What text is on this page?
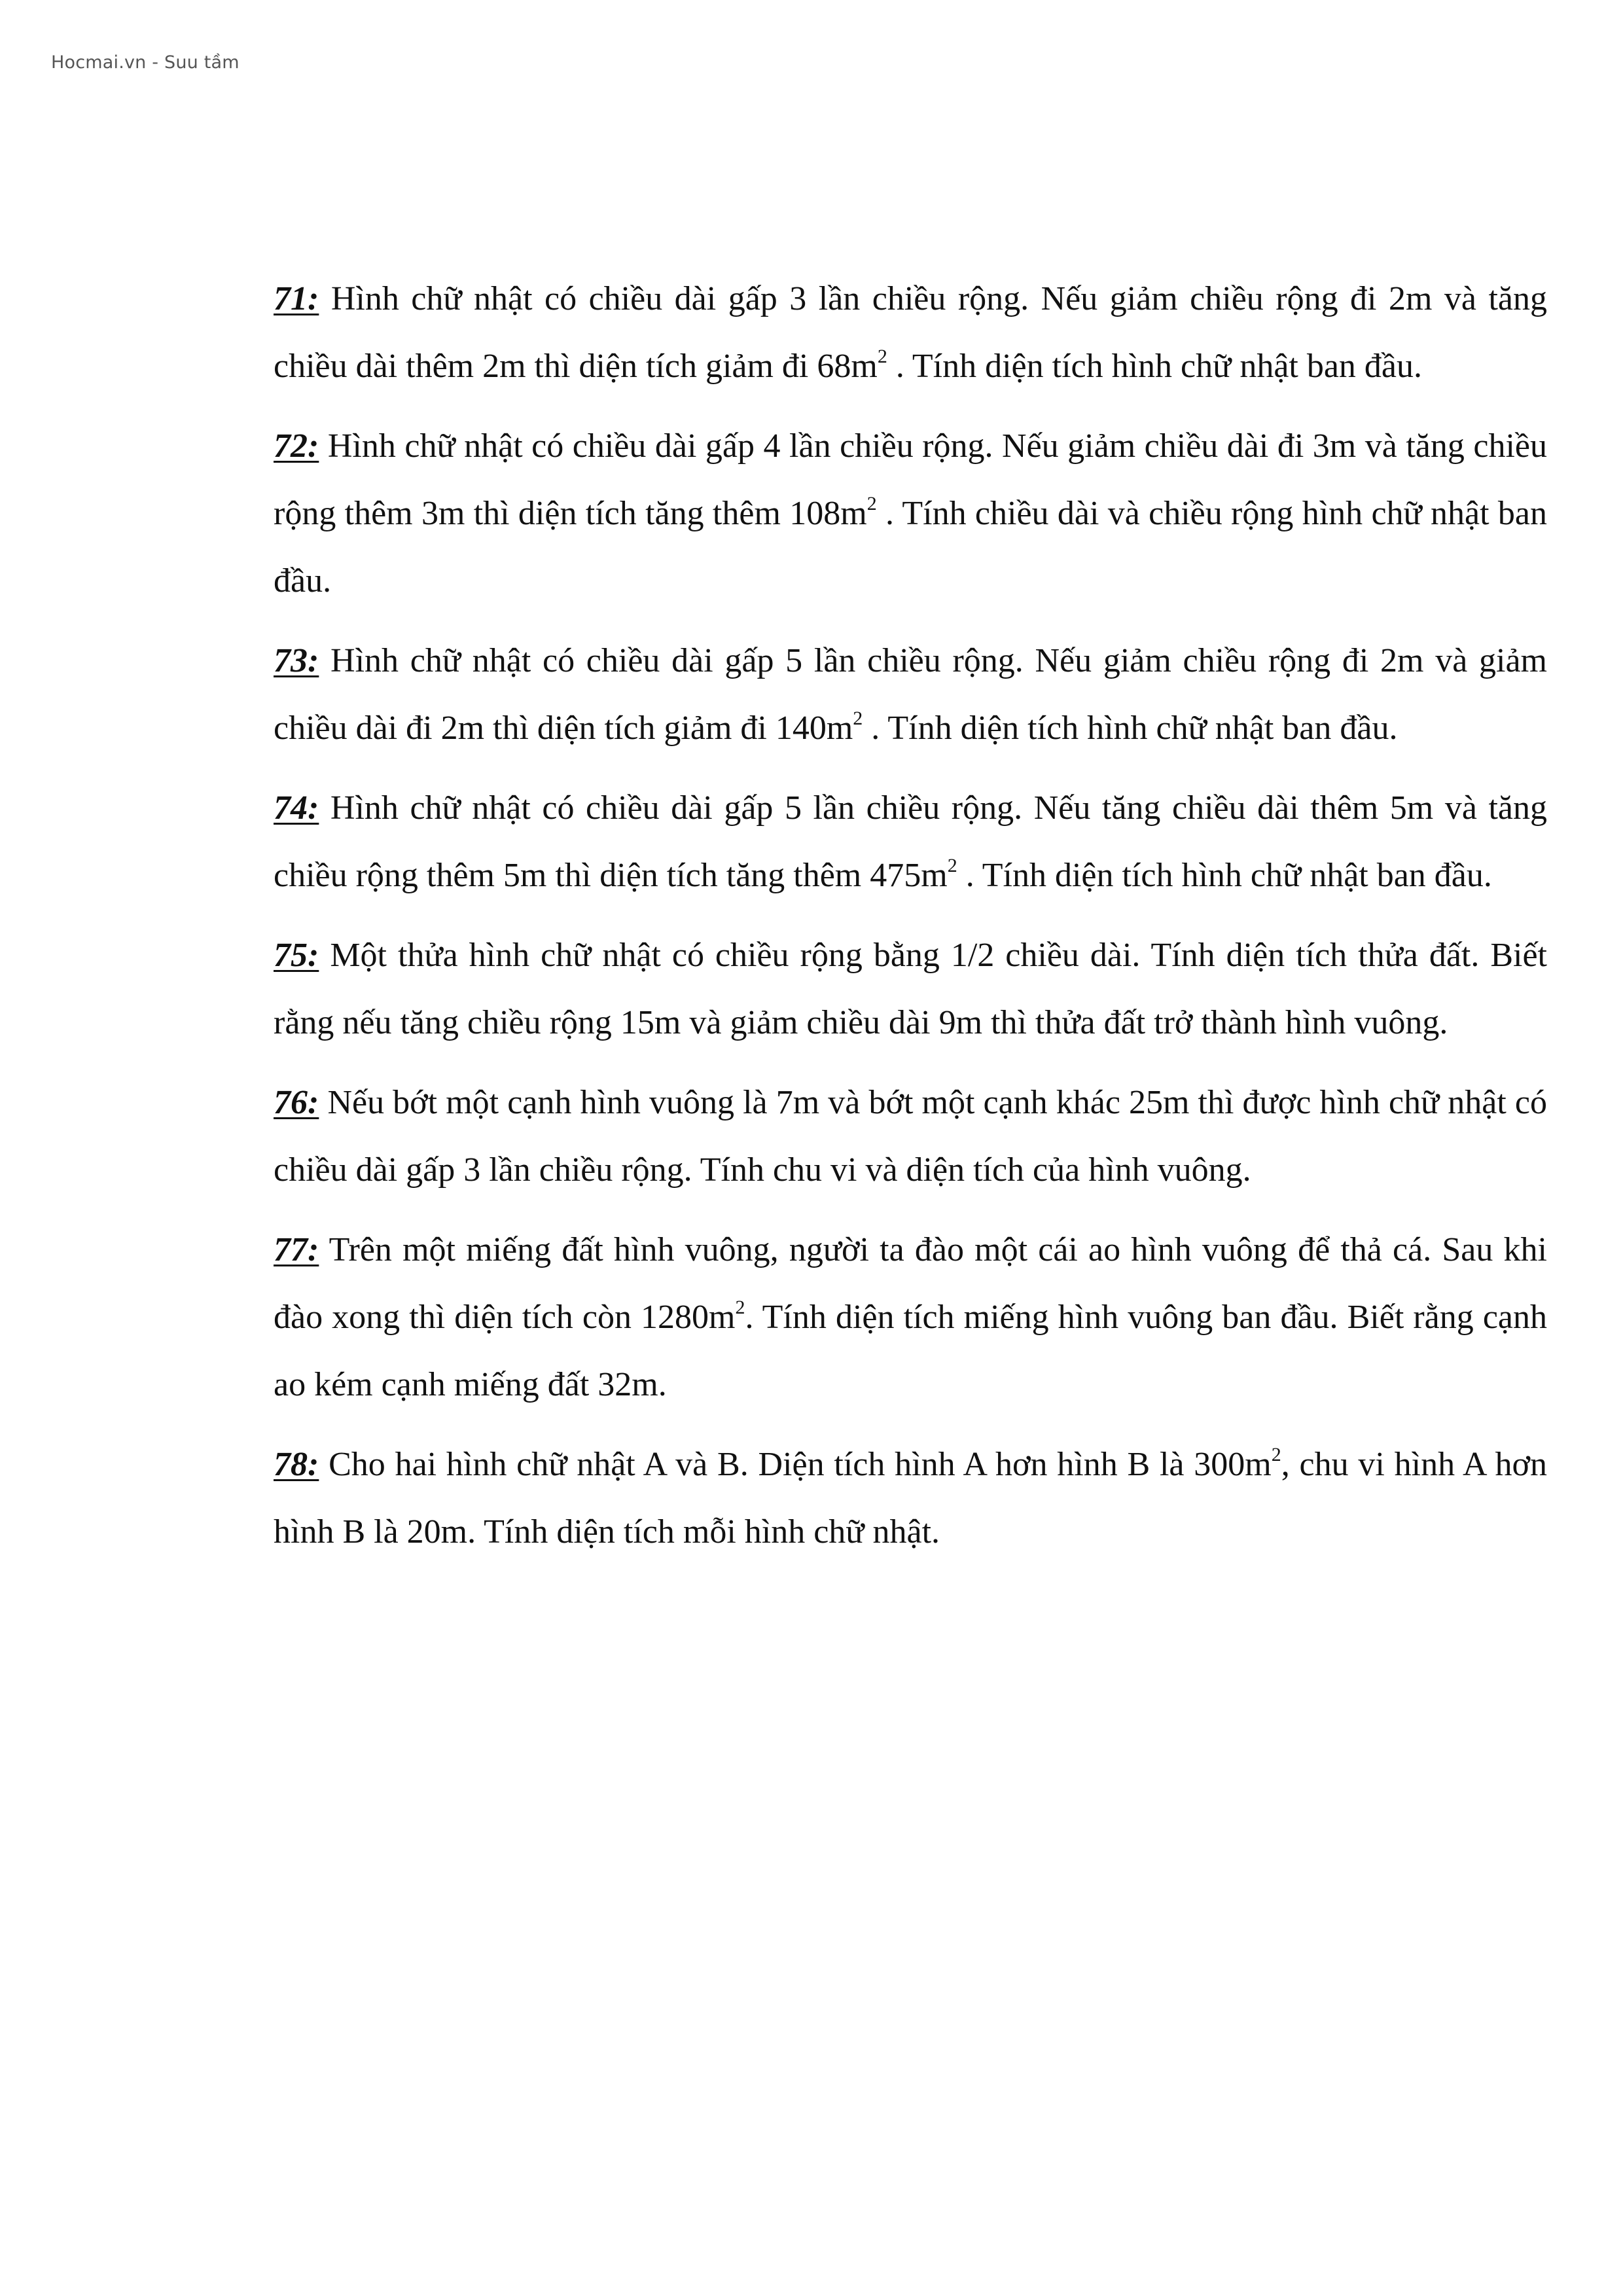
Hocmai.vn - Suu tầm

71: Hình chữ nhật có chiều dài gấp 3 lần chiều rộng. Nếu giảm chiều rộng đi 2m và tăng chiều dài thêm 2m thì diện tích giảm đi $68m^2$ . Tính diện tích hình chữ nhật ban đầu.

72: Hình chữ nhật có chiều dài gấp 4 lần chiều rộng. Nếu giảm chiều dài đi 3m và tăng chiều rộng thêm 3m thì diện tích tăng thêm $108m^2$ . Tính chiều dài và chiều rộng hình chữ nhật ban đầu.

73: Hình chữ nhật có chiều dài gấp 5 lần chiều rộng. Nếu giảm chiều rộng đi 2m và giảm chiều dài đi 2m thì diện tích giảm đi $140m^2$ . Tính diện tích hình chữ nhật ban đầu.

74: Hình chữ nhật có chiều dài gấp 5 lần chiều rộng. Nếu tăng chiều dài thêm 5m và tăng chiều rộng thêm 5m thì diện tích tăng thêm $475m^2$ . Tính diện tích hình chữ nhật ban đầu.

75: Một thửa hình chữ nhật có chiều rộng bằng 1/2 chiều dài. Tính diện tích thửa đất. Biết rằng nếu tăng chiều rộng 15m và giảm chiều dài 9m thì thửa đất trở thành hình vuông.

76: Nếu bớt một cạnh hình vuông là 7m và bớt một cạnh khác 25m thì được hình chữ nhật có chiều dài gấp 3 lần chiều rộng. Tính chu vi và diện tích của hình vuông.

77: Trên một miếng đất hình vuông, người ta đào một cái ao hình vuông để thả cá. Sau khi đào xong thì diện tích còn $1280m^2$. Tính diện tích miếng hình vuông ban đầu. Biết rằng cạnh ao kém cạnh miếng đất 32m.

78: Cho hai hình chữ nhật A và B. Diện tích hình A hơn hình B là $300m^2$, chu vi hình A hơn hình B là 20m. Tính diện tích mỗi hình chữ nhật.
